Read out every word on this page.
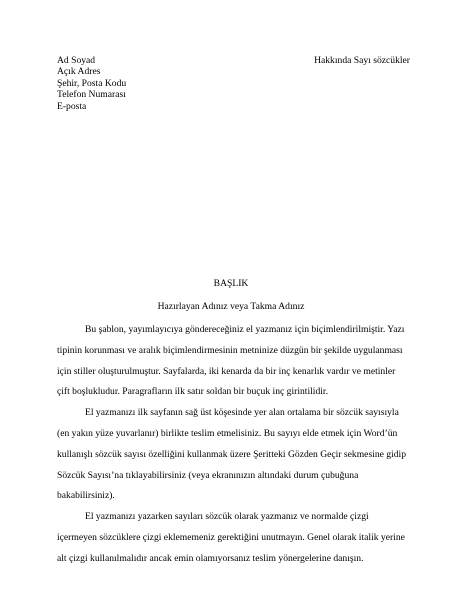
Ad Soyad
Açık Adres
Şehir, Posta Kodu
Telefon Numarası
E-posta
Hakkında Sayı sözcükler
BAŞLIK
Hazırlayan Adınız veya Takma Adınız

Bu şablon, yayımlayıcıya göndereceğiniz el yazmanız için biçimlendirilmiştir. Yazı tipinin korunması ve aralık biçimlendirmesinin metninize düzgün bir şekilde uygulanması için stiller oluşturulmuştur. Sayfalarda, iki kenarda da bir inç kenarlık vardır ve metinler çift boşlukludur. Paragrafların ilk satır soldan bir buçuk inç girintilidir.

El yazmanızı ilk sayfanın sağ üst köşesinde yer alan ortalama bir sözcük sayısıyla (en yakın yüze yuvarlanır) birlikte teslim etmelisiniz. Bu sayıyı elde etmek için Word’ün kullanışlı sözcük sayısı özelliğini kullanmak üzere Şeritteki Gözden Geçir sekmesine gidip Sözcük Sayısı’na tıklayabilirsiniz (veya ekranınızın altındaki durum çubuğuna bakabilirsiniz).

El yazmanızı yazarken sayıları sözcük olarak yazmanız ve normalde çizgi içermeyen sözcüklere çizgi eklememeniz gerektiğini unutmayın. Genel olarak italik yerine alt çizgi kullanılmalıdır ancak emin olamıyorsanız teslim yönergelerine danışın.
